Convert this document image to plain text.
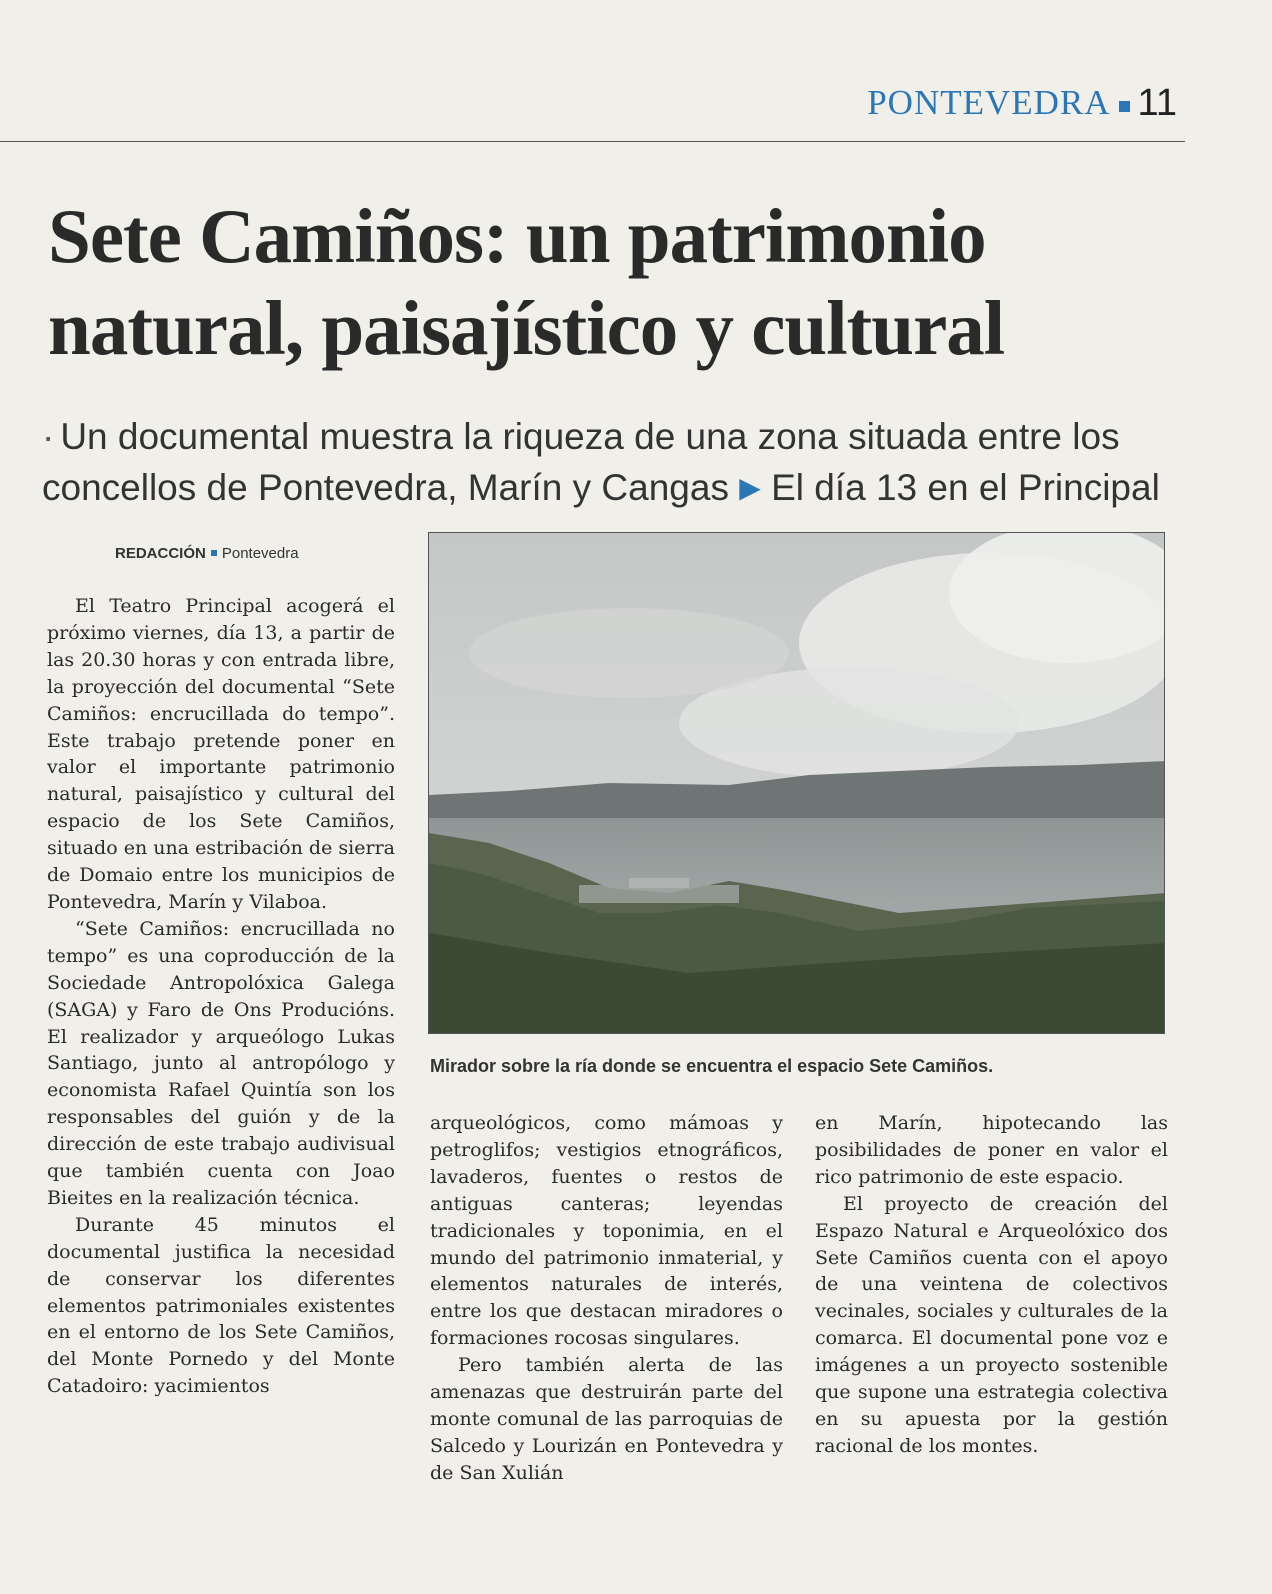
PONTEVEDRA 11
Sete Camiños: un patrimonio
natural, paisajístico y cultural
· Un documental muestra la riqueza de una zona situada entre los
concellos de Pontevedra, Marín y Cangas ▶ El día 13 en el Principal
REDACCIÓN Pontevedra
Mirador sobre la ría donde se encuentra el espacio Sete Camiños.

El Teatro Principal acogerá el próximo viernes, día 13, a partir de las 20.30 horas y con entrada libre, la proyección del documental “Sete Camiños: encrucillada do tempo”. Este trabajo pretende poner en valor el importante patrimonio natural, paisajístico y cultural del espacio de los Sete Camiños, situado en una estribación de sierra de Domaio entre los municipios de Pontevedra, Marín y Vilaboa.

“Sete Camiños: encrucillada no tempo” es una coproducción de la Sociedade Antropolóxica Galega (SAGA) y Faro de Ons Producións. El realizador y arqueólogo Lukas Santiago, junto al antropólogo y economista Rafael Quintía son los responsables del guión y de la dirección de este trabajo audivisual que también cuenta con Joao Bieites en la realización técnica.

Durante 45 minutos el documental justifica la necesidad de conservar los diferentes elementos patrimoniales existentes en el entorno de los Sete Camiños, del Monte Pornedo y del Monte Catadoiro: yacimientos

arqueológicos, como mámoas y petroglifos; vestigios etnográficos, lavaderos, fuentes o restos de antiguas canteras; leyendas tradicionales y toponimia, en el mundo del patrimonio inmaterial, y elementos naturales de interés, entre los que destacan miradores o formaciones rocosas singulares.

Pero también alerta de las amenazas que destruirán parte del monte comunal de las parroquias de Salcedo y Lourizán en Pontevedra y de San Xulián

en Marín, hipotecando las posibilidades de poner en valor el rico patrimonio de este espacio.

El proyecto de creación del Espazo Natural e Arqueolóxico dos Sete Camiños cuenta con el apoyo de una veintena de colectivos vecinales, sociales y culturales de la comarca. El documental pone voz e imágenes a un proyecto sostenible que supone una estrategia colectiva en su apuesta por la gestión racional de los montes.
